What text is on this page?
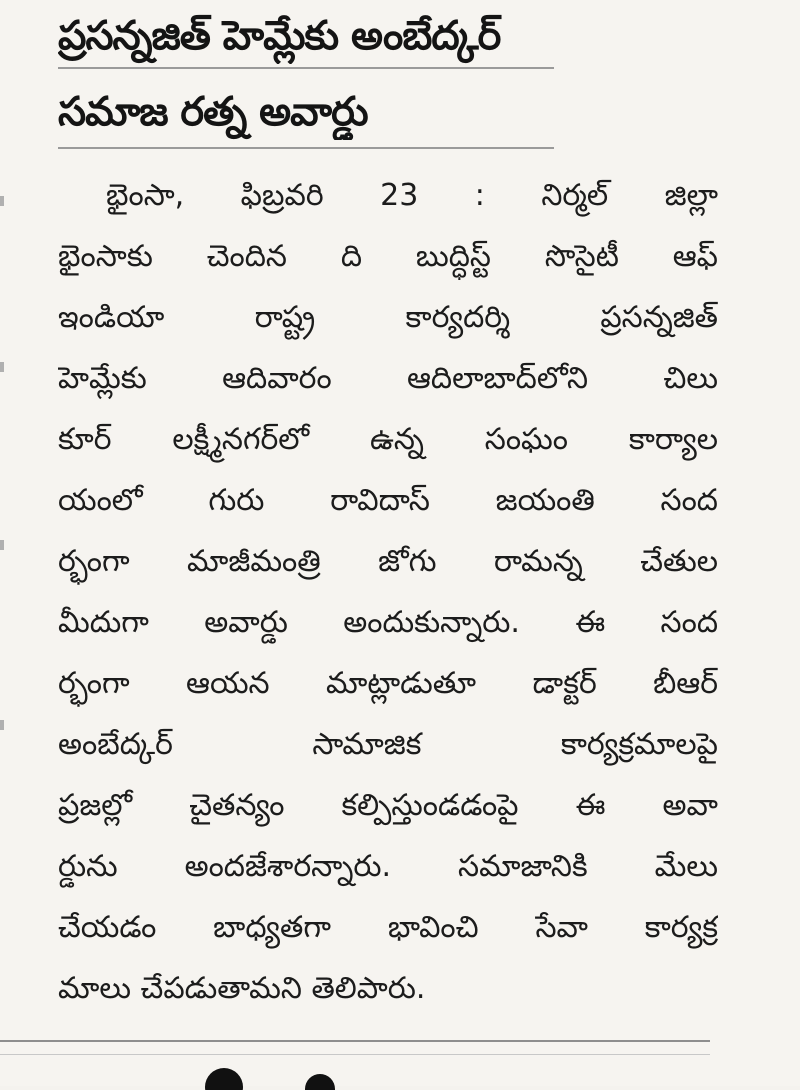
ప్రసన్నజిత్ హెమ్లేకు అంబేద్కర్
సమాజ రత్న అవార్డు
భైంసా, ఫిబ్రవరి 23 : నిర్మల్ జిల్లా
భైంసాకు చెందిన ది బుద్ధిస్ట్ సొసైటీ ఆఫ్
ఇండియా రాష్ట్ర కార్యదర్శి ప్రసన్నజిత్
హెమ్లేకు ఆదివారం ఆదిలాబాద్‌లోని చిలు
కూర్ లక్ష్మీనగర్‌లో ఉన్న సంఘం కార్యాల
యంలో గురు రావిదాస్ జయంతి సంద
ర్భంగా మాజీమంత్రి జోగు రామన్న చేతుల
మీదుగా అవార్డు అందుకున్నారు. ఈ సంద
ర్భంగా ఆయన మాట్లాడుతూ డాక్టర్ బీఆర్
అంబేద్కర్ సామాజిక కార్యక్రమాలపై
ప్రజల్లో చైతన్యం కల్పిస్తుండడంపై ఈ అవా
ర్డును అందజేశారన్నారు. సమాజానికి మేలు
చేయడం బాధ్యతగా భావించి సేవా కార్యక్ర
మాలు చేపడుతామని తెలిపారు.
